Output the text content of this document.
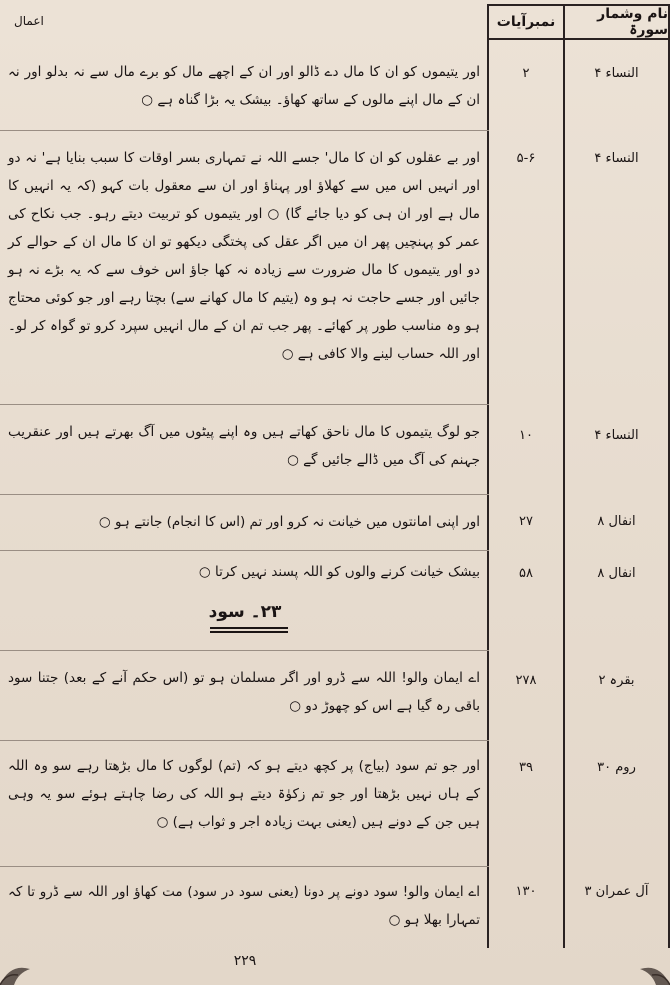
نام وشمار سورۃ
نمبرآیات
اعمال
النساء ۴
۲
اور یتیموں کو ان کا مال دے ڈالو اور ان کے اچھے مال کو برے مال سے نہ بدلو اور نہ ان کے مال اپنے مالوں کے ساتھ کھاؤ۔ بیشک یہ بڑا گناہ ہے ○
النساء ۴
۵-۶
اور بے عقلوں کو ان کا مال' جسے اللہ نے تمہاری بسر اوقات کا سبب بنایا ہے' نہ دو اور انہیں اس میں سے کھلاؤ اور پہناؤ اور ان سے معقول بات کہو (کہ یہ انہیں کا مال ہے اور ان ہی کو دیا جائے گا) ○ اور یتیموں کو تربیت دیتے رہو۔ جب نکاح کی عمر کو پہنچیں پھر ان میں اگر عقل کی پختگی دیکھو تو ان کا مال ان کے حوالے کر دو اور یتیموں کا مال ضرورت سے زیادہ نہ کھا جاؤ اس خوف سے کہ یہ بڑے نہ ہو جائیں اور جسے حاجت نہ ہو وہ (یتیم کا مال کھانے سے) بچتا رہے اور جو کوئی محتاج ہو وہ مناسب طور پر کھائے۔ پھر جب تم ان کے مال انہیں سپرد کرو تو گواہ کر لو۔ اور اللہ حساب لینے والا کافی ہے ○
النساء ۴
۱۰
جو لوگ یتیموں کا مال ناحق کھاتے ہیں وہ اپنے پیٹوں میں آگ بھرتے ہیں اور عنقریب جہنم کی آگ میں ڈالے جائیں گے ○
انفال ۸
۲۷
اور اپنی امانتوں میں خیانت نہ کرو اور تم (اس کا انجام) جانتے ہو ○
انفال ۸
۵۸
بیشک خیانت کرنے والوں کو اللہ پسند نہیں کرتا ○
۲۳۔ سود
بقرہ ۲
۲۷۸
اے ایمان والو! اللہ سے ڈرو اور اگر مسلمان ہو تو (اس حکم آنے کے بعد) جتنا سود باقی رہ گیا ہے اس کو چھوڑ دو ○
روم ۳۰
۳۹
اور جو تم سود (بیاج) پر کچھ دیتے ہو کہ (تم) لوگوں کا مال بڑھتا رہے سو وہ اللہ کے ہاں نہیں بڑھتا اور جو تم زکوٰۃ دیتے ہو اللہ کی رضا چاہتے ہوئے سو یہ وہی ہیں جن کے دونے ہیں (یعنی بہت زیادہ اجر و ثواب ہے) ○
آل عمران ۳
۱۳۰
اے ایمان والو! سود دونے پر دونا (یعنی سود در سود) مت کھاؤ اور اللہ سے ڈرو تا کہ تمہارا بھلا ہو ○
۲۲۹
